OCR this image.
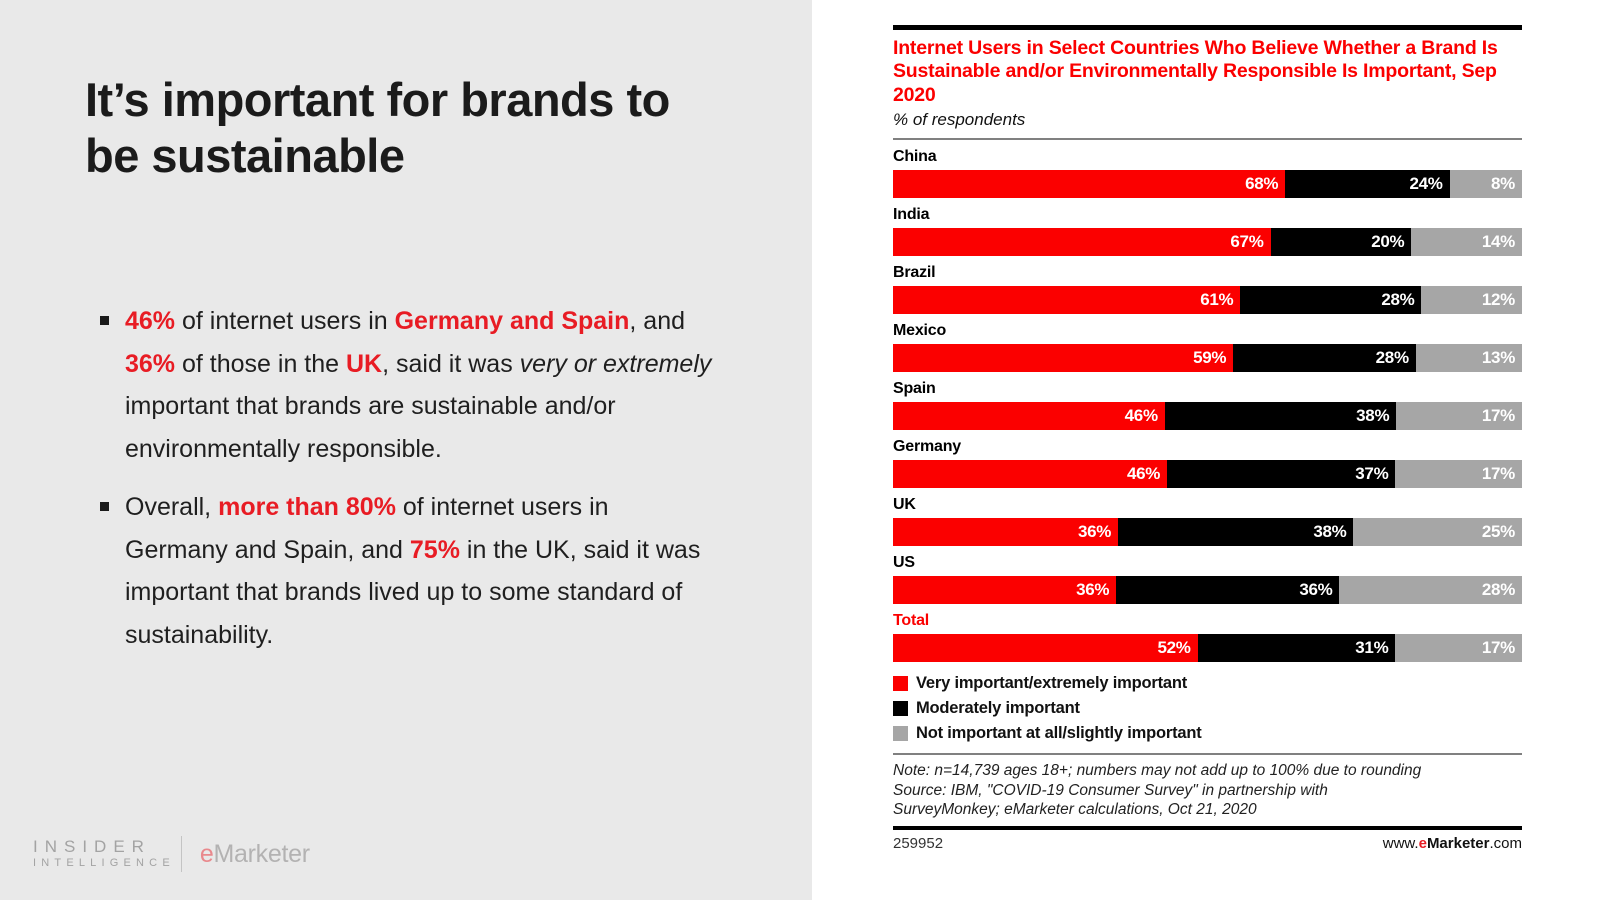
It’s important for brands to be sustainable
46% of internet users in Germany and Spain, and 36% of those in the UK, said it was very or extremely important that brands are sustainable and/or environmentally responsible.
Overall, more than 80% of internet users in Germany and Spain, and 75% in the UK, said it was important that brands lived up to some standard of sustainability.
INSIDER
INTELLIGENCE eMarketer
Internet Users in Select Countries Who Believe Whether a Brand Is Sustainable and/or Environmentally Responsible Is Important, Sep 2020
% of respondents
China
68%	24%	8%
India
67%	20%	14%
Brazil
61%	28%	12%
Mexico
59%	28%	13%
Spain
46%	38%	17%
Germany
46%	37%	17%
UK
36%	38%	25%
US
36%	36%	28%
Total
52%	31%	17%
Very important/extremely important
Moderately important
Not important at all/slightly important
Note: n=14,739 ages 18+; numbers may not add up to 100% due to rounding
Source: IBM, "COVID-19 Consumer Survey" in partnership with SurveyMonkey; eMarketer calculations, Oct 21, 2020
259952	www.eMarketer.com
